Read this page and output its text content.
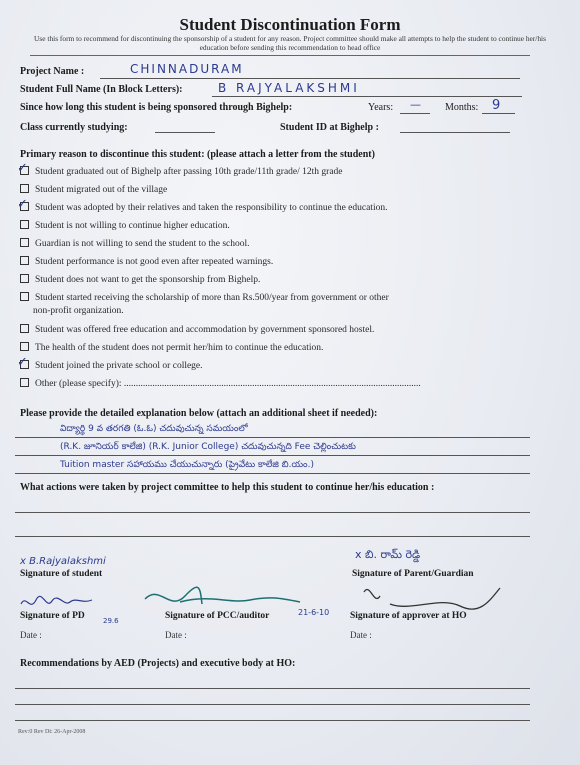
Student Discontinuation Form
Use this form to recommend for discontinuing the sponsorship of a student for any reason. Project committee should make all attempts to help the student to continue her/his education before sending this recommendation to head office
Project Name :	CHINNADURAM
Student Full Name (In Block Letters):	B RAJYALAKSHMI
Since how long this student is being sponsored through Bighelp:	Years: — Months: 9
Class currently studying:	Student ID at Bighelp :
Primary reason to discontinue this student: (please attach a letter from the student)
✓ Student graduated out of Bighelp after passing 10th grade/11th grade/ 12th grade
Student migrated out of the village
✓ Student was adopted by their relatives and taken the responsibility to continue the education.
Student is not willing to continue higher education.
Guardian is not willing to send the student to the school.
Student performance is not good even after repeated warnings.
Student does not want to get the sponsorship from Bighelp.
Student started receiving the scholarship of more than Rs.500/year from government or other
non-profit organization.
Student was offered free education and accommodation by government sponsored hostel.
The health of the student does not permit her/him to continue the education.
✓ Student joined the private school or college.
Other (please specify): .............................................................................................................................
Please provide the detailed explanation below (attach an additional sheet if needed):
విద్యార్థి 9 వ తరగతి (ఓ.ఓ) చదువుచున్న సమయంలో
(R.K. జూనియర్ కాలేజి) (R.K. Junior College) చదువుచున్నది Fee చెల్లించుటకు
Tuition master సహాయము చేయుచున్నారు (ప్రైవేటు కాలేజి బి.యం.)
What actions were taken by project committee to help this student to continue her/his education :
x B.Rajyalakshmi
Signature of student
x బి. రామ్ రెడ్డి
Signature of Parent/Guardian
Signature of PD	29.6	Signature of PCC/auditor	21-6-10 Signature of approver at HO
Date :	Date :	Date :
Recommendations by AED (Projects) and executive body at HO:
Rev:0 Rev Dt: 26-Apr-2008
